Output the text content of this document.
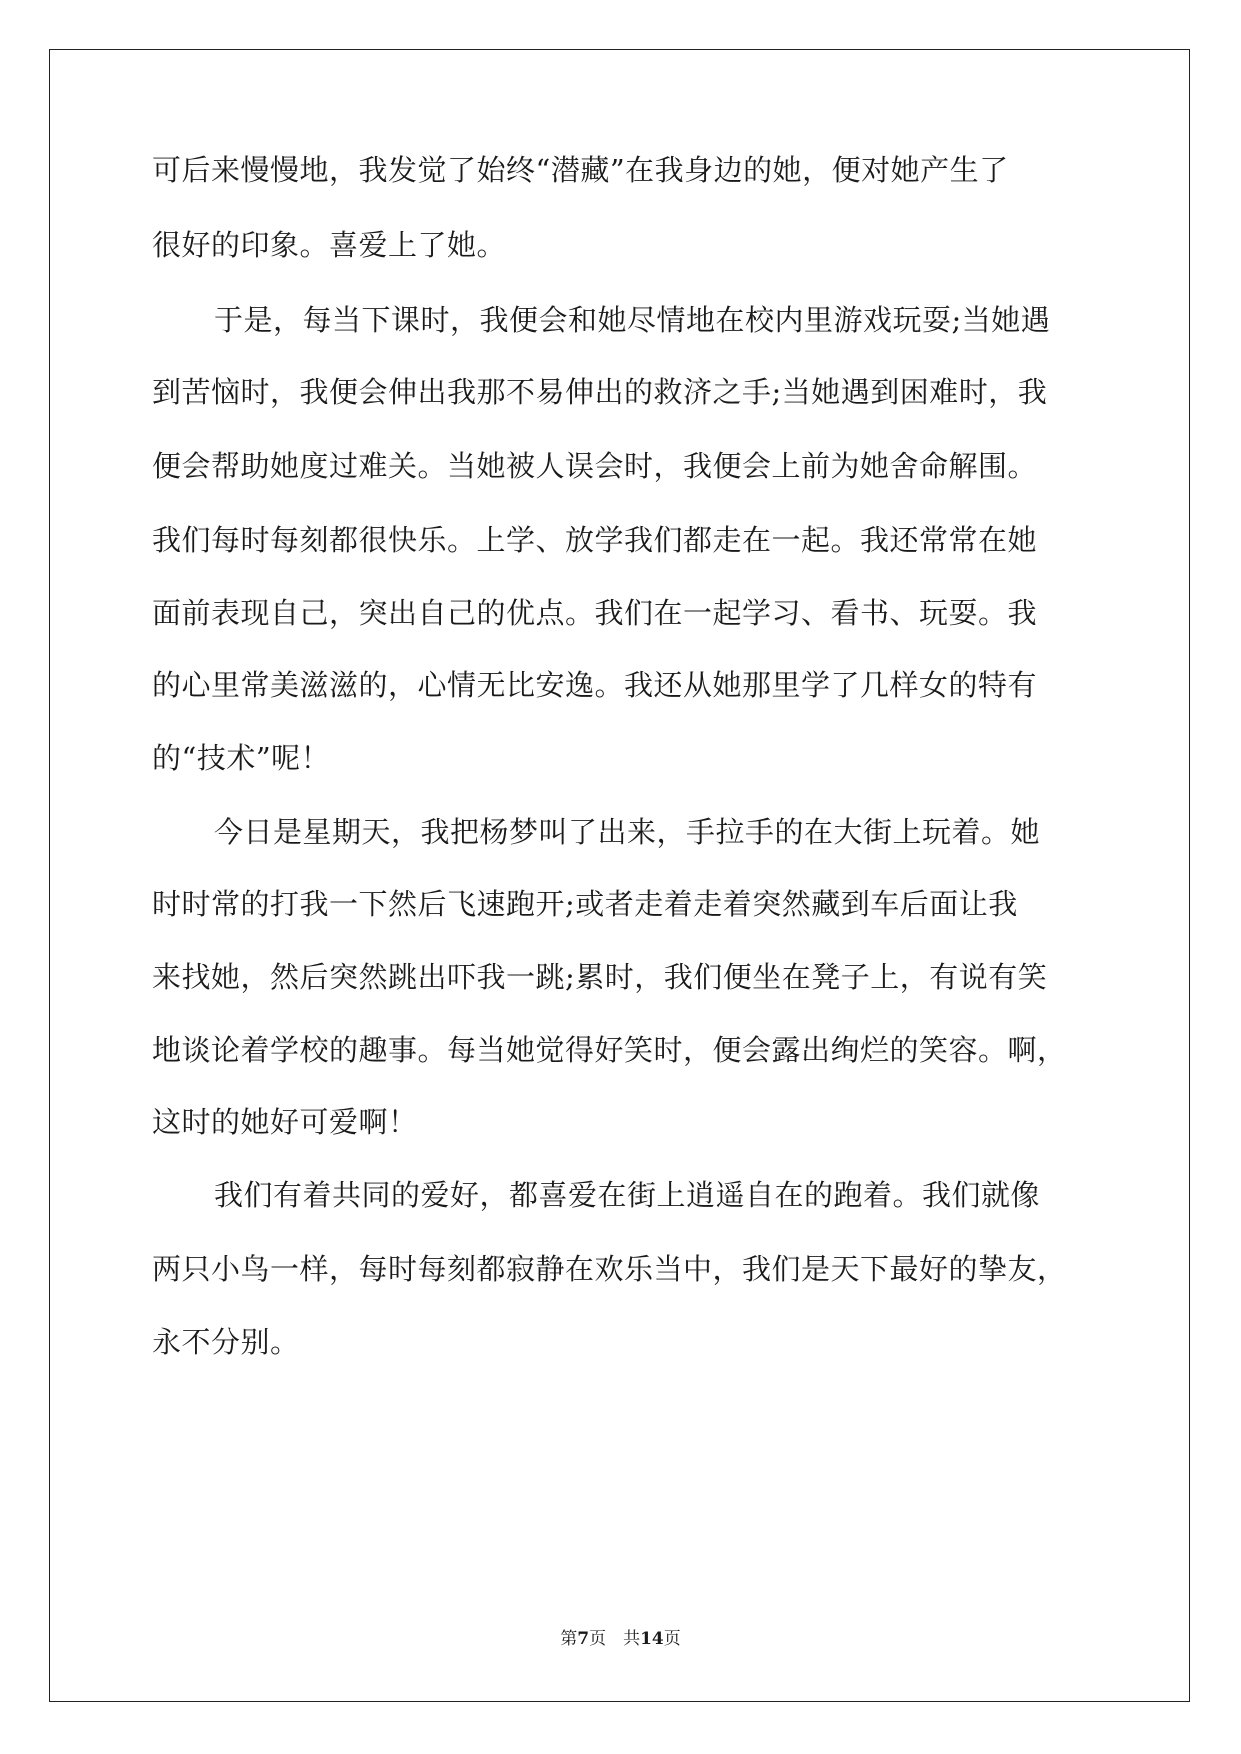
可后来慢慢地，我发觉了始终“潜藏”在我身边的她，便对她产生了
很好的印象。喜爱上了她。
于是，每当下课时，我便会和她尽情地在校内里游戏玩耍;当她遇
到苦恼时，我便会伸出我那不易伸出的救济之手;当她遇到困难时，我
便会帮助她度过难关。当她被人误会时，我便会上前为她舍命解围。
我们每时每刻都很快乐。上学、放学我们都走在一起。我还常常在她
面前表现自己，突出自己的优点。我们在一起学习、看书、玩耍。我
的心里常美滋滋的，心情无比安逸。我还从她那里学了几样女的特有
的“技术”呢！
今日是星期天，我把杨梦叫了出来，手拉手的在大街上玩着。她
时时常的打我一下然后飞速跑开;或者走着走着突然藏到车后面让我
来找她，然后突然跳出吓我一跳;累时，我们便坐在凳子上，有说有笑
地谈论着学校的趣事。每当她觉得好笑时，便会露出绚烂的笑容。啊，
这时的她好可爱啊！
我们有着共同的爱好，都喜爱在街上逍遥自在的跑着。我们就像
两只小鸟一样，每时每刻都寂静在欢乐当中，我们是天下最好的挚友，
永不分别。
第7页　共14页
